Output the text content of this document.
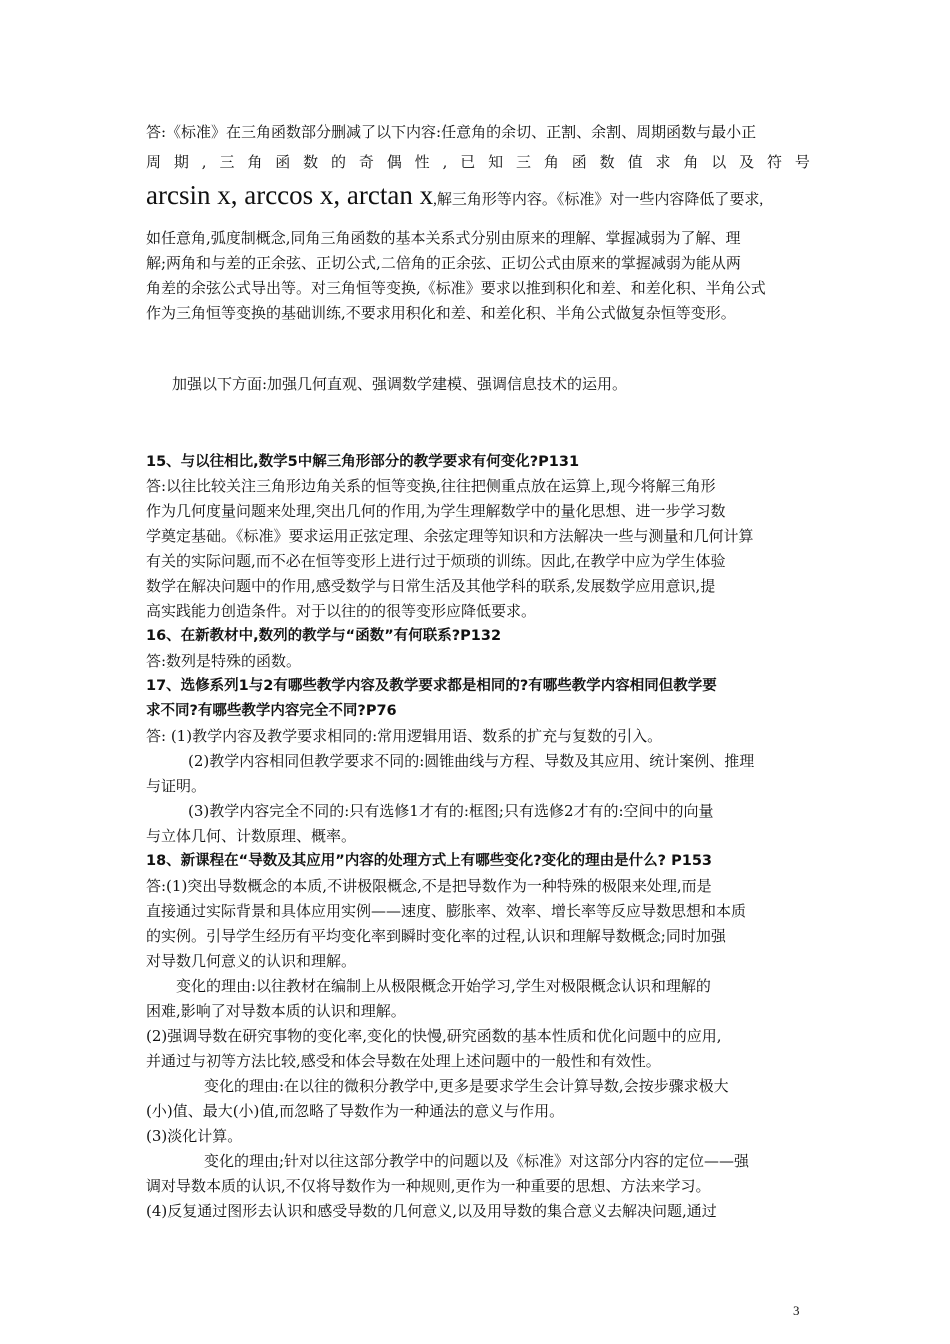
答:《标准》在三角函数部分删减了以下内容:任意角的余切、正割、余割、周期函数与最小正
周 期 , 三 角 函 数 的 奇 偶 性 , 已 知 三 角 函 数 值 求 角 以 及 符 号
arcsin x, arccos x, arctan x,解三角形等内容。《标准》对一些内容降低了要求,
如任意角,弧度制概念,同角三角函数的基本关系式分别由原来的理解、掌握减弱为了解、理
解;两角和与差的正余弦、正切公式,二倍角的正余弦、正切公式由原来的掌握减弱为能从两
角差的余弦公式导出等。对三角恒等变换,《标准》要求以推到积化和差、和差化积、半角公式
作为三角恒等变换的基础训练,不要求用积化和差、和差化积、半角公式做复杂恒等变形。
加强以下方面:加强几何直观、强调数学建模、强调信息技术的运用。
15、与以往相比,数学5中解三角形部分的教学要求有何变化?P131
答:以往比较关注三角形边角关系的恒等变换,往往把侧重点放在运算上,现今将解三角形
作为几何度量问题来处理,突出几何的作用,为学生理解数学中的量化思想、进一步学习数
学奠定基础。《标准》要求运用正弦定理、余弦定理等知识和方法解决一些与测量和几何计算
有关的实际问题,而不必在恒等变形上进行过于烦琐的训练。因此,在教学中应为学生体验
数学在解决问题中的作用,感受数学与日常生活及其他学科的联系,发展数学应用意识,提
高实践能力创造条件。对于以往的的很等变形应降低要求。
16、在新教材中,数列的教学与“函数”有何联系?P132
答:数列是特殊的函数。
17、选修系列1与2有哪些教学内容及教学要求都是相同的?有哪些教学内容相同但教学要
求不同?有哪些教学内容完全不同?P76
答: (1)教学内容及教学要求相同的:常用逻辑用语、数系的扩充与复数的引入。
(2)教学内容相同但教学要求不同的:圆锥曲线与方程、导数及其应用、统计案例、推理
与证明。
(3)教学内容完全不同的:只有选修1才有的:框图;只有选修2才有的:空间中的向量
与立体几何、计数原理、概率。
18、新课程在“导数及其应用”内容的处理方式上有哪些变化?变化的理由是什么? P153
答:(1)突出导数概念的本质,不讲极限概念,不是把导数作为一种特殊的极限来处理,而是
直接通过实际背景和具体应用实例——速度、膨胀率、效率、增长率等反应导数思想和本质
的实例。引导学生经历有平均变化率到瞬时变化率的过程,认识和理解导数概念;同时加强
对导数几何意义的认识和理解。
变化的理由:以往教材在编制上从极限概念开始学习,学生对极限概念认识和理解的
困难,影响了对导数本质的认识和理解。
(2)强调导数在研究事物的变化率,变化的快慢,研究函数的基本性质和优化问题中的应用,
并通过与初等方法比较,感受和体会导数在处理上述问题中的一般性和有效性。
变化的理由:在以往的微积分教学中,更多是要求学生会计算导数,会按步骤求极大
(小)值、最大(小)值,而忽略了导数作为一种通法的意义与作用。
(3)淡化计算。
变化的理由;针对以往这部分教学中的问题以及《标准》对这部分内容的定位——强
调对导数本质的认识,不仅将导数作为一种规则,更作为一种重要的思想、方法来学习。
(4)反复通过图形去认识和感受导数的几何意义,以及用导数的集合意义去解决问题,通过
3
